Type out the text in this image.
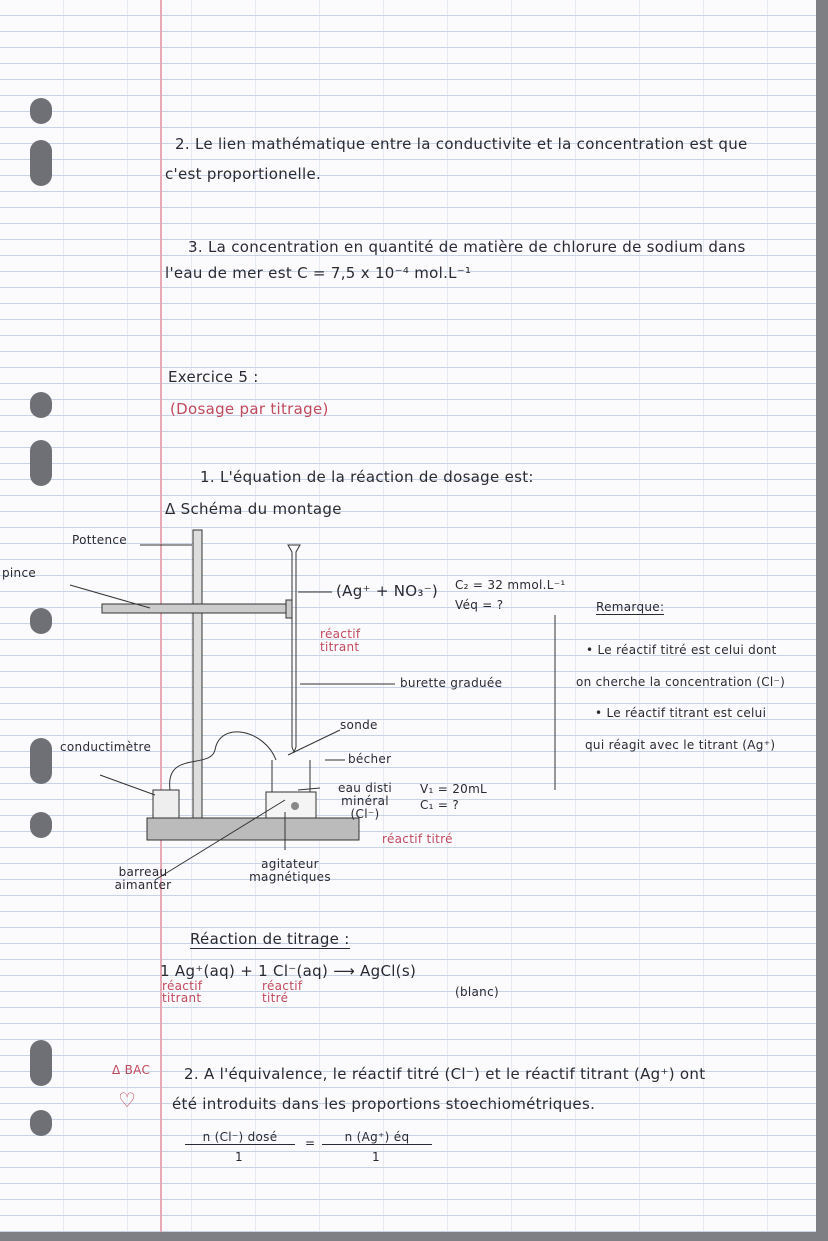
2. Le lien mathématique entre la conductivite et la concentration est que
c'est proportionelle.
3. La concentration en quantité de matière de chlorure de sodium dans
l'eau de mer est C = 7,5 x 10⁻⁴ mol.L⁻¹
Exercice 5 :
(Dosage par titrage)
1. L'équation de la réaction de dosage est:
Δ Schéma du montage
Pottence
pince
conductimètre
(Ag⁺ + NO₃⁻) C₂ = 32 mmol.L⁻¹
Véq = ?
réactif titrant
burette graduée
sonde
bécher
eau disti minéral (Cl⁻)
V₁ = 20mL
C₁ = ?
réactif titré
barreau aimanter
agitateur magnétiques
Remarque:
• Le réactif titré est celui dont
on cherche la concentration (Cl⁻)
• Le réactif titrant est celui
qui réagit avec le titrant (Ag⁺)
Réaction de titrage :
1 Ag⁺(aq) + 1 Cl⁻(aq) ⟶ AgCl(s)
(blanc)
réactif titrant
réactif titré
Δ BAC
♡
2. A l'équivalence, le réactif titré (Cl⁻) et le réactif titrant (Ag⁺) ont
été introduits dans les proportions stoechiométriques.
n (Cl⁻) dosé	=	n (Ag⁺) éq
1	1
